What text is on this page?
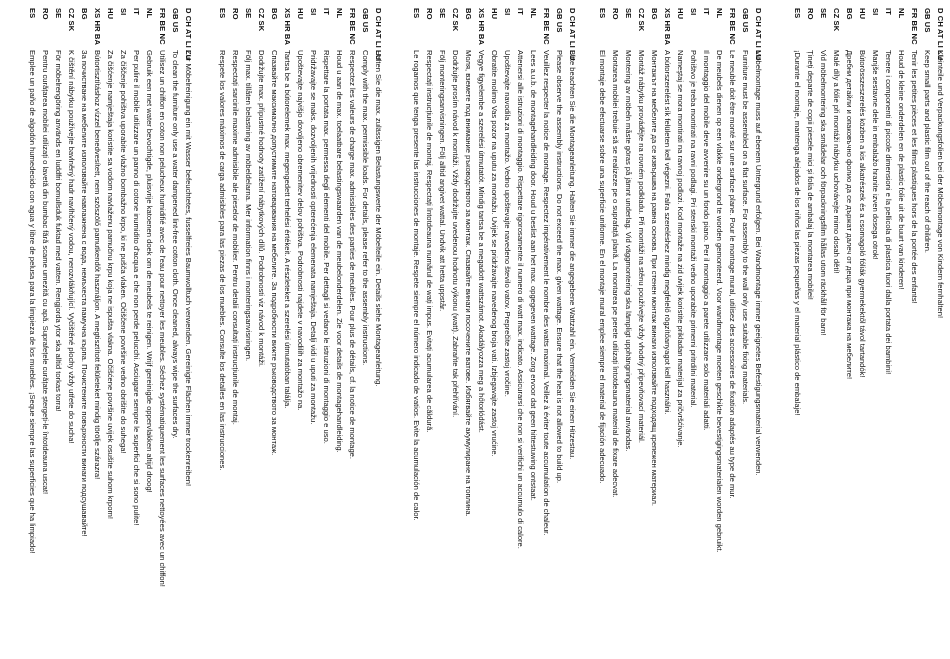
D CH AT LI LU
Kleinteile und Verpackungsfolien bei der Möbelmontage von Kindern fernhalten!
GB US
Keep small parts and plastic film out of the reach of children.
FR BE NC
Tenir les petites pièces et les films plastiques hors de la portée des enfants!
NL
Houd de kleine onderdelen en de plastic folie uit de buurt van kinderen!
IT
Tenere i componenti di piccole dimensioni e la pellicola di plastica fuori dalla portata dei bambini!
SI
Manjše sestavne dele in embalažo hranite izven dosega otrok!
HU
Bútorösszeszerelés közben a kis alkatrészek és a csomagoló fóliák gyermekektől távol tartandók!
BG
Дребни детайли и опаковъчно фолио да се държат далеч от деца при монтажа на мебелите!
CZ SK
Malé díly a fólie při montáži nábytku uchovávejte mimo dosah dětí!
SE
Vid möbelmontering ska smådelar och förpackningsfilm hållas utom räckhåll för barn!
RO
Țineți departe de copii piesele mici și folia de ambalaj la montarea mobilei!
ES
¡Durante el montaje, mantenga alejados de los niños las piezas pequeñas y el material plástico de embalaje!
D CH AT LI LU
Möbelmontage muss auf ebenem Untergrund erfolgen. Bei Wandmontage immer geeignetes Befestigungsmaterial verwenden.
GB US
Furniture must be assembled on a flat surface. For assembly to the wall only use suitable fixing materials.
FR BE NC
Le meuble doit être monté sur une surface plane. Pour le montage mural, utilisez des accessoires de fixation adaptés au type de mur.
NL
De meubels dienen op een vlakke ondergrond te worden gemonteerd. Voor wandmontage moeten geschikte bevestigingsmaterialen worden gebruikt.
IT
Il montaggio del mobile deve avvenire su un fondo piano. Per il montaggio a parete utilizzare solo materiali adatti.
SI
Pohištvo je treba montirati na ravni podlagi. Pri stenski montaži vedno uporabite primerni pritrdilni material.
HU
Nameştaj se mora montirati na ravnoj podlozi. Kod montaže na zid uvijek koristite prikladan materijal za pričvršćivanje.
XS HR BA
A bútorszerelést sík felületen kell végezni. Falra szereléshez mindig megfelelő rögzítőanyagot kell használni.
BG
Монтажът на мебелите да се извършва на равна основа. При стенен монтаж винаги използвайте подходящ крепежен материал.
CZ SK
Montáž nábytku provádějte na rovném podkladu. Při montáži na stěnu používejte vždy vhodný připevňovací materiál.
SE
Montering av möbeln måste göras på jämnt underlag. Vid väggmontering ska lämpligt upphängningsmaterial användas.
RO
Montarea mobilei trebuie să se realizeze pe o suprafață plană. La montarea pe perete utilizați întotdeauna material de fixare adecvat.
ES
El montaje debe efectuarse sobre una superficie uniforme. En el montaje mural emplee siempre el material de fijación adecuado.
D CH AT LI LU
Bitte beachten Sie die Montageanleitung. Halten Sie immer die angegebene Wattzahl ein. Vermeiden Sie einen Hitzestau.
GB US
Please observe the assembly instructions. Do not exceed the max. given wattage. Ensure that the heat is not allowed to build up.
FR BE NC
Veuillez respecter la notice de montage. Respectez impérativement le nombre des watts maximal. Veillez à éviter toute accumulation de chaleur.
NL
Lees a.u.b. de montagehandleiding door. Houd u beslist aan het max. opgegeven wattage. Zorg ervoor dat geen hittestuwing ontstaat.
IT
Attenersi alle istruzioni di montaggio. Rispettare rigorosamente il numero di watt max. indicato. Assicurarsi che non si verifichi un accumulo di calore.
SI
Upoštevajte navodila za montažo. Vedno upoštevajte navedeno število vatov. Preprečite zastoj vročine.
HU
Obratite molimo Vas pozor na uputu za montažu. Uvijek se pridržavajte navedenog broja vati. Izbjegavajte zastoj vrućine.
XS HR BA
Vegye figyelembe a szerelési útmutatót. Mindig tartsa be a megadott wattszámot. Akadályozza meg a hőtorlódást.
BG
Моля, вземете под внимание ръководството за монтаж. Спазвайте винаги посочените ватове. Избягвайте акумулиране на топлина.
CZ SK
Dodržujte prosím návod k montáži. Vždy dodržujte uvedenou hodnotu výkonu (watt). Zabraňte tak přehřívání.
SE
Följ monteringsanvisningen. Följ alltid angivet wattal. Undvik att hetta uppstår.
RO
Respectați instrucțiunile de montaj. Respectați întotdeauna numărul de wați impus. Evitați acumularea de căldură.
ES
Le rogamos que tenga presente las instrucciones de montaje. Respete siempre el número indicado de vatios. Evite la acumulación de calor.
D CH AT LI LU
Halten Sie die max. zulässigen Belastungswerte der Möbelteile ein. Details siehe Montageanleitung.
GB US
Comply with the max. permissible loads. For details, please refer to the assembly instructions.
FR BE NC
Respectez les valeurs de charge max. admissibles des parties de meubles. Pour plus de détails, cf. la notice de montage.
NL
Houd u aan de max. toelaatbare belastingswaarden van de meubelonderdelen. Zie voor details de montagehandleiding.
IT
Rispettare la portata max. permessa degli elementi del mobile. Per dettagli si vedano le istruzioni di montaggio e uso.
SI
Pridržavajte se maks. dozvoljenih vrijednosti opterećenja elemenata namještaja. Detalji vidi u uputi za montažu.
HU
Upoštevajte najvišjo dovoljeno obremenitev delov pohištva. Podrobnosti najdete v navodilih za montažo na.
XS HR BA
Tartsa be a bútorelemek max. megengedett terhelési értékeit. A részleteket a szerelési útmutatóban találja.
BG
Спазвайте максимално допустимите натоварвания на мебелите. За подробности вижте ръководството за монтаж.
CZ SK
Dodržujte max. přípustné hodnoty zatížení nábytkových dílů. Podrobnosti viz návod k montáži.
SE
Följ max. tillåten belastning av möbeldelarna. Mer information finns i monteringsanvisningen.
RO
Respectați sarcinile maxime admisibile ale pieselor de mobilier. Pentru detalii consultați instrucțiunile de montaj.
ES
Respete los valores máximos de carga admisibles para las piezas de los muebles. Consulte los detalles en las instrucciones.
D CH AT LI LU
Zur Möbelreinigung ein mit Wasser befeuchtetes, fusselfreies Baumwolltuch verwenden. Gereinigte Flächen immer trockenreiben!
GB US
To clean the furniture only use a water dampened lint-free cotton cloth. Once cleaned, always wipe the surfaces dry.
FR BE NC
Utilisez un chiffon en coton non pelucheux humidifié avec de l'eau pour nettoyer les meubles. Séchez systématiquement les surfaces nettoyées avec un chiffon!
NL
Gebruik een met water bevochtigde, pluisvrije katoenen doek om de meubels te reinigen. Wrijf gereinigde oppervlakken altijd droog!
IT
Per pulire il mobile utilizzare un panno di cotone inumidito d'acqua e che non perde pelucchi. Asciugare sempre le superfici che si sono pulite!
SI
Za čiščenje pohištva uporabite vlažno bombažno krpo, ki ne pušča vlaken. Očiščene površine vedno obrišite do suhega!
HU
Za čišćenje namještaja koristite sa vodom navlaženu pamučnu krpu koja ne ispušta vlakna. Očišćene površine uvijek osušite suhom krpom!
XS HR BA
Bútortisztításhoz vízzel benedvesített, nem szöszölő pamutkendőt használjon. A megtisztított felületeket mindig törölje szárazra!
BG
За почистване на мебелите използвайте навлажнена с вода, немъхеста памучна кърпа. Почистените повърхности винаги подсушавайте!
CZ SK
K čištění nábytku používejte bavlněný hadr navlhčený vodou, nerozvlákňující. Vyčištěné plochy vždy utřete do sucha!
SE
För möbelrengöring används en luddfri bomullsduk fuktad med vatten. Rengjorda ytor ska alltid torkas torra!
RO
Pentru curățarea mobilei utilizați o lavetă din bumbac fără scame umezită cu apă. Suprafețele curățate ștergeți-le întotdeauna uscat!
ES
Emplee un paño de algodón humedecido con agua y libre de pelusa para la limpieza de los muebles. ¡Seque siempre las superficies que ha limpiado!
